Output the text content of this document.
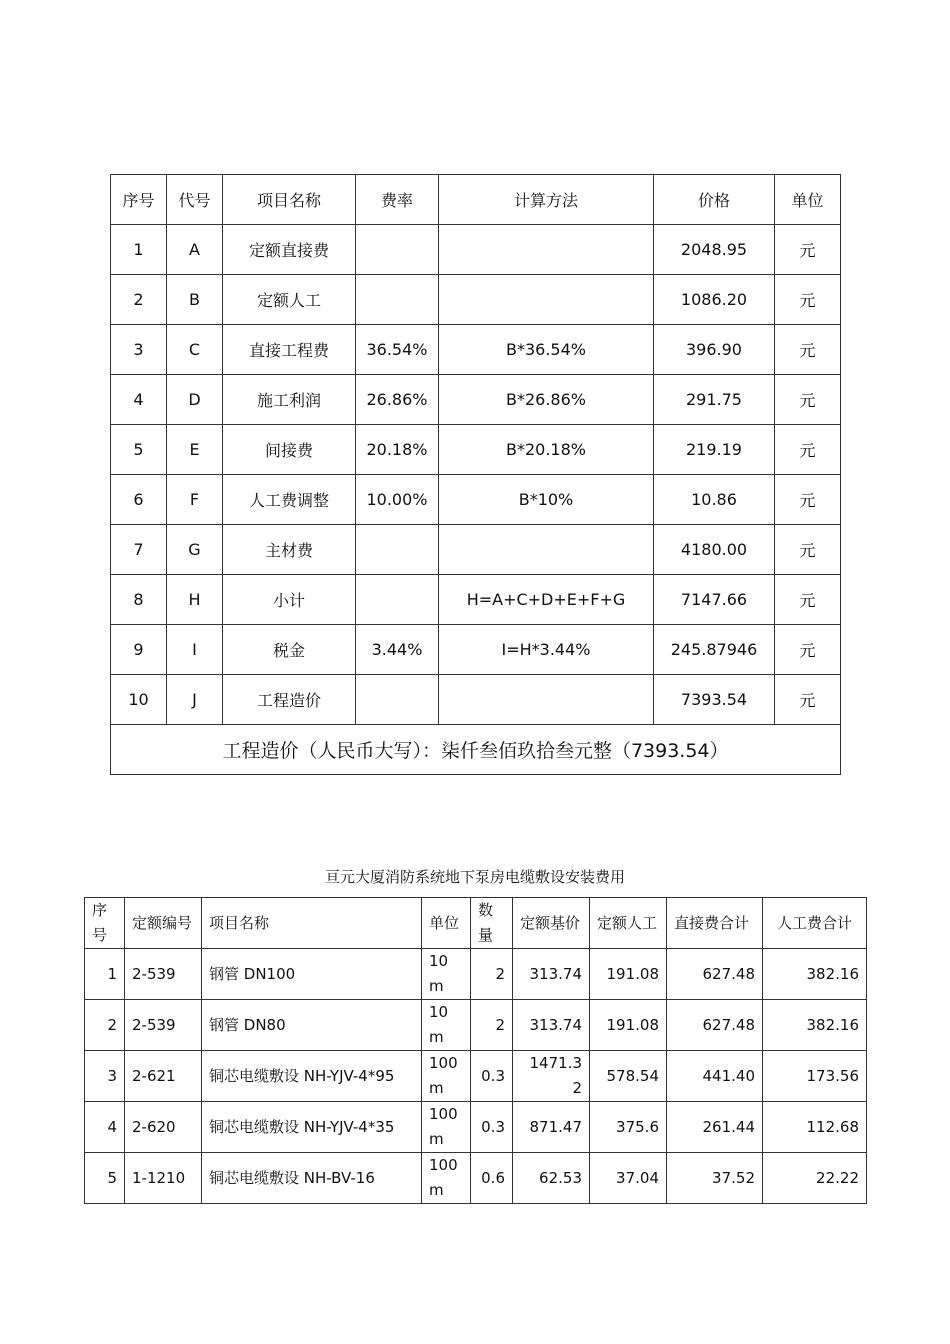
序号	代号	项目名称	费率	计算方法	价格	单位
1	A	定额直接费			2048.95	元
2	B	定额人工			1086.20	元
3	C	直接工程费	36.54%	B*36.54%	396.90	元
4	D	施工利润	26.86%	B*26.86%	291.75	元
5	E	间接费	20.18%	B*20.18%	219.19	元
6	F	人工费调整	10.00%	B*10%	10.86	元
7	G	主材费			4180.00	元
8	H	小计		H=A+C+D+E+F+G	7147.66	元
9	I	税金	3.44%	I=H*3.44%	245.87946	元
10	J	工程造价			7393.54	元
工程造价（人民币大写）：柒仟叁佰玖拾叁元整（7393.54）						
亘元大厦消防系统地下泵房电缆敷设安装费用
序号	定额编号	项目名称	单位	数量	定额基价	定额人工	直接费合计	人工费合计
1	2-539	钢管 DN100	10 m	2	313.74	191.08	627.48	382.16
2	2-539	钢管 DN80	10 m	2	313.74	191.08	627.48	382.16
3	2-621	铜芯电缆敷设 NH-YJV-4*95	100 m	0.3	1471.32	578.54	441.40	173.56
4	2-620	铜芯电缆敷设 NH-YJV-4*35	100 m	0.3	871.47	375.6	261.44	112.68
5	1-1210	铜芯电缆敷设 NH-BV-16	100 m	0.6	62.53	37.04	37.52	22.22
